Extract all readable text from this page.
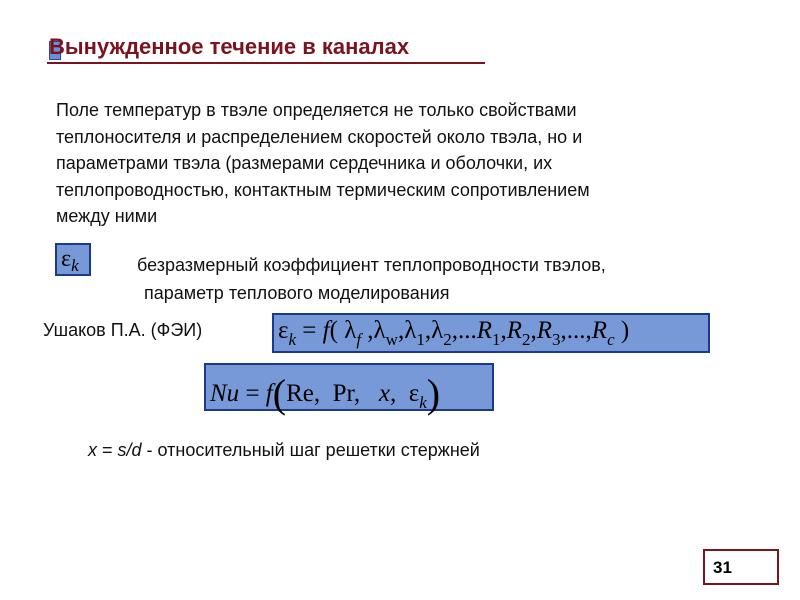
Вынужденное течение в каналах
Поле температур в твэле определяется не только свойствами
теплоносителя и распределением скоростей около твэла, но и
параметрами твэла (размерами сердечника и оболочки, их
теплопроводностью, контактным термическим сопротивлением
между ними
$\varepsilon_k$	безразмерный коэффициент теплопроводности твэлов,
параметр теплового моделирования
Ушаков П.А. (ФЭИ)	$\varepsilon_k = f$( $\lambda_f$ $,\lambda_w,\lambda_1,\lambda_2,...R_1,R_2,R_3,...,R_c$ )
Nu = f(Re, Pr, x, $\varepsilon_k$)
x = s/d - относительный шаг решетки стержней
31
